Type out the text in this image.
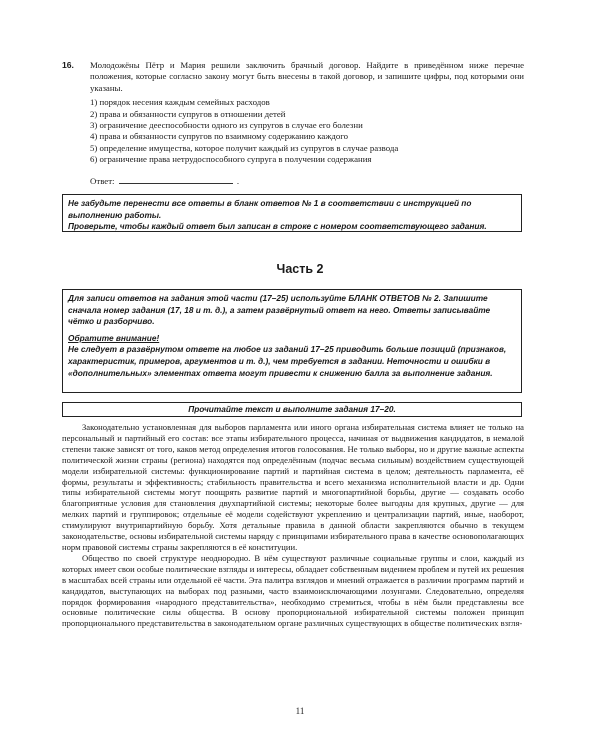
16. Молодожёны Пётр и Мария решили заключить брачный договор. Найдите в приведённом ниже перечне положения, которые согласно закону могут быть внесены в такой договор, и запишите цифры, под которыми они указаны.
1) порядок несения каждым семейных расходов
2) права и обязанности супругов в отношении детей
3) ограничение дееспособности одного из супругов в случае его болезни
4) права и обязанности супругов по взаимному содержанию каждого
5) определение имущества, которое получит каждый из супругов в случае развода
6) ограничение права нетрудоспособного супруга в получении содержания
Ответ:	.

Не забудьте перенести все ответы в бланк ответов № 1 в соответствии с инструкцией по выполнению работы.

Проверьте, чтобы каждый ответ был записан в строке с номером соответствующего задания.

Часть 2

Для записи ответов на задания этой части (17–25) используйте БЛАНК ОТВЕТОВ № 2. Запишите сначала номер задания (17, 18 и т. д.), а затем развёрнутый ответ на него. Ответы записывайте чётко и разборчиво.

Обратите внимание!

Не следует в развёрнутом ответе на любое из заданий 17–25 приводить больше позиций (признаков, характеристик, примеров, аргументов и т. д.), чем требуется в задании. Неточности и ошибки в «дополнительных» элементах ответа могут привести к снижению балла за выполнение задания.

Прочитайте текст и выполните задания 17–20.

Законодательно установленная для выборов парламента или иного органа избирательная система влияет не только на персональный и партийный его состав: все этапы избирательного процесса, начиная от выдвижения кандидатов, в немалой степени также зависят от того, каков метод определения итогов голосования. Не только выборы, но и другие важные аспекты политической жизни страны (региона) находятся под определённым (подчас весьма сильным) воздействием существующей модели избирательной системы: функционирование партий и партийная система в целом; деятельность парламента, её формы, результаты и эффективность; стабильность правительства и всего механизма исполнительной власти и др. Одни типы избирательной системы могут поощрять развитие партий и многопартийной борьбы, другие — создавать особо благоприятные условия для становления двухпартийной системы; некоторые более выгодны для крупных, другие — для мелких партий и группировок; отдельные её модели содействуют укреплению и централизации партий, иные, наоборот, стимулируют внутрипартийную борьбу. Хотя детальные правила в данной области закрепляются обычно в текущем законодательстве, основы избирательной системы наряду с принципами избирательного права в качестве основополагающих норм правовой системы страны закрепляются в её конституции.

Общество по своей структуре неоднородно. В нём существуют различные социальные группы и слои, каждый из которых имеет свои особые политические взгляды и интересы, обладает собственным видением проблем и путей их решения в масштабах всей страны или отдельной её части. Эта палитра взглядов и мнений отражается в различии программ партий и кандидатов, выступающих на выборах под разными, часто взаимоисключающими лозунгами. Следовательно, определяя порядок формирования «народного представительства», необходимо стремиться, чтобы в нём были представлены все основные политические силы общества. В основу пропорциональной избирательной системы положен принцип пропорционального представительства в законодательном органе различных существующих в обществе политических взгля-

11
